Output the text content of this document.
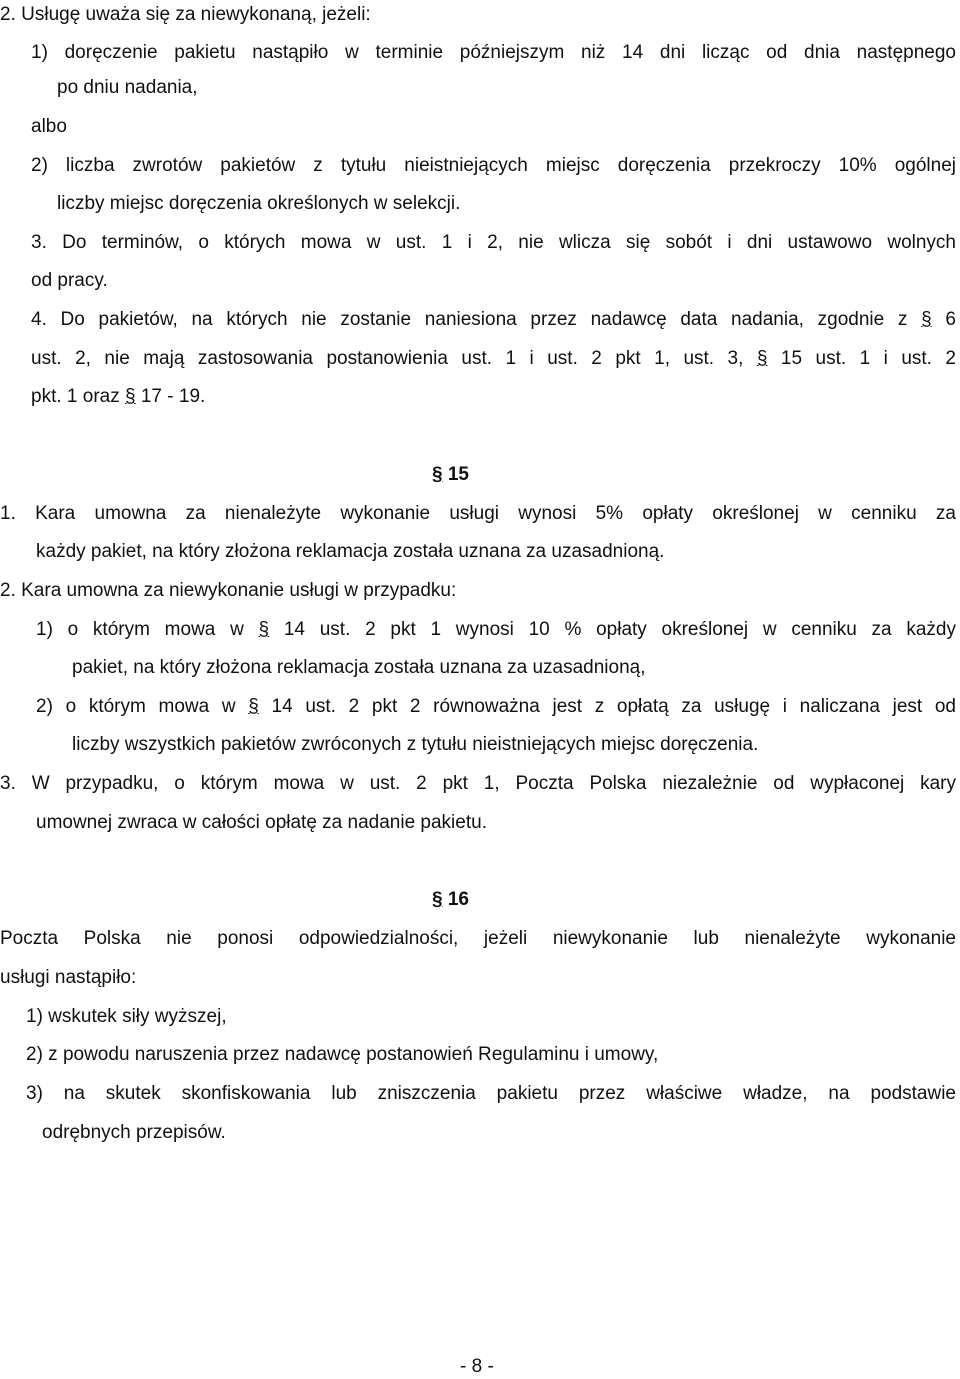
2. Usługę uważa się za niewykonaną, jeżeli:
1) doręczenie pakietu nastąpiło w terminie późniejszym niż 14 dni licząc od dnia następnego
po dniu nadania,
albo
2) liczba zwrotów pakietów z tytułu nieistniejących miejsc doręczenia przekroczy 10% ogólnej
liczby miejsc doręczenia określonych w selekcji.
3. Do terminów, o których mowa w ust. 1 i 2, nie wlicza się sobót i dni ustawowo wolnych
od pracy.
4. Do pakietów, na których nie zostanie naniesiona przez nadawcę data nadania, zgodnie z § 6
ust. 2, nie mają zastosowania postanowienia ust. 1 i ust. 2 pkt 1, ust. 3, § 15 ust. 1 i ust. 2
pkt. 1 oraz § 17 - 19.
§ 15
1. Kara umowna za nienależyte wykonanie usługi wynosi 5% opłaty określonej w cenniku za
każdy pakiet, na który złożona reklamacja została uznana za uzasadnioną.
2. Kara umowna za niewykonanie usługi w przypadku:
1) o którym mowa w § 14 ust. 2 pkt 1 wynosi 10 % opłaty określonej w cenniku za każdy
pakiet, na który złożona reklamacja została uznana za uzasadnioną,
2) o którym mowa w § 14 ust. 2 pkt 2 równoważna jest z opłatą za usługę i naliczana jest od
liczby wszystkich pakietów zwróconych z tytułu nieistniejących miejsc doręczenia.
3. W przypadku, o którym mowa w ust. 2 pkt 1, Poczta Polska niezależnie od wypłaconej kary
umownej zwraca w całości opłatę za nadanie pakietu.
§ 16
Poczta Polska nie ponosi odpowiedzialności, jeżeli niewykonanie lub nienależyte wykonanie
usługi nastąpiło:
1) wskutek siły wyższej,
2) z powodu naruszenia przez nadawcę postanowień Regulaminu i umowy,
3) na skutek skonfiskowania lub zniszczenia pakietu przez właściwe władze, na podstawie
odrębnych przepisów.
- 8 -
